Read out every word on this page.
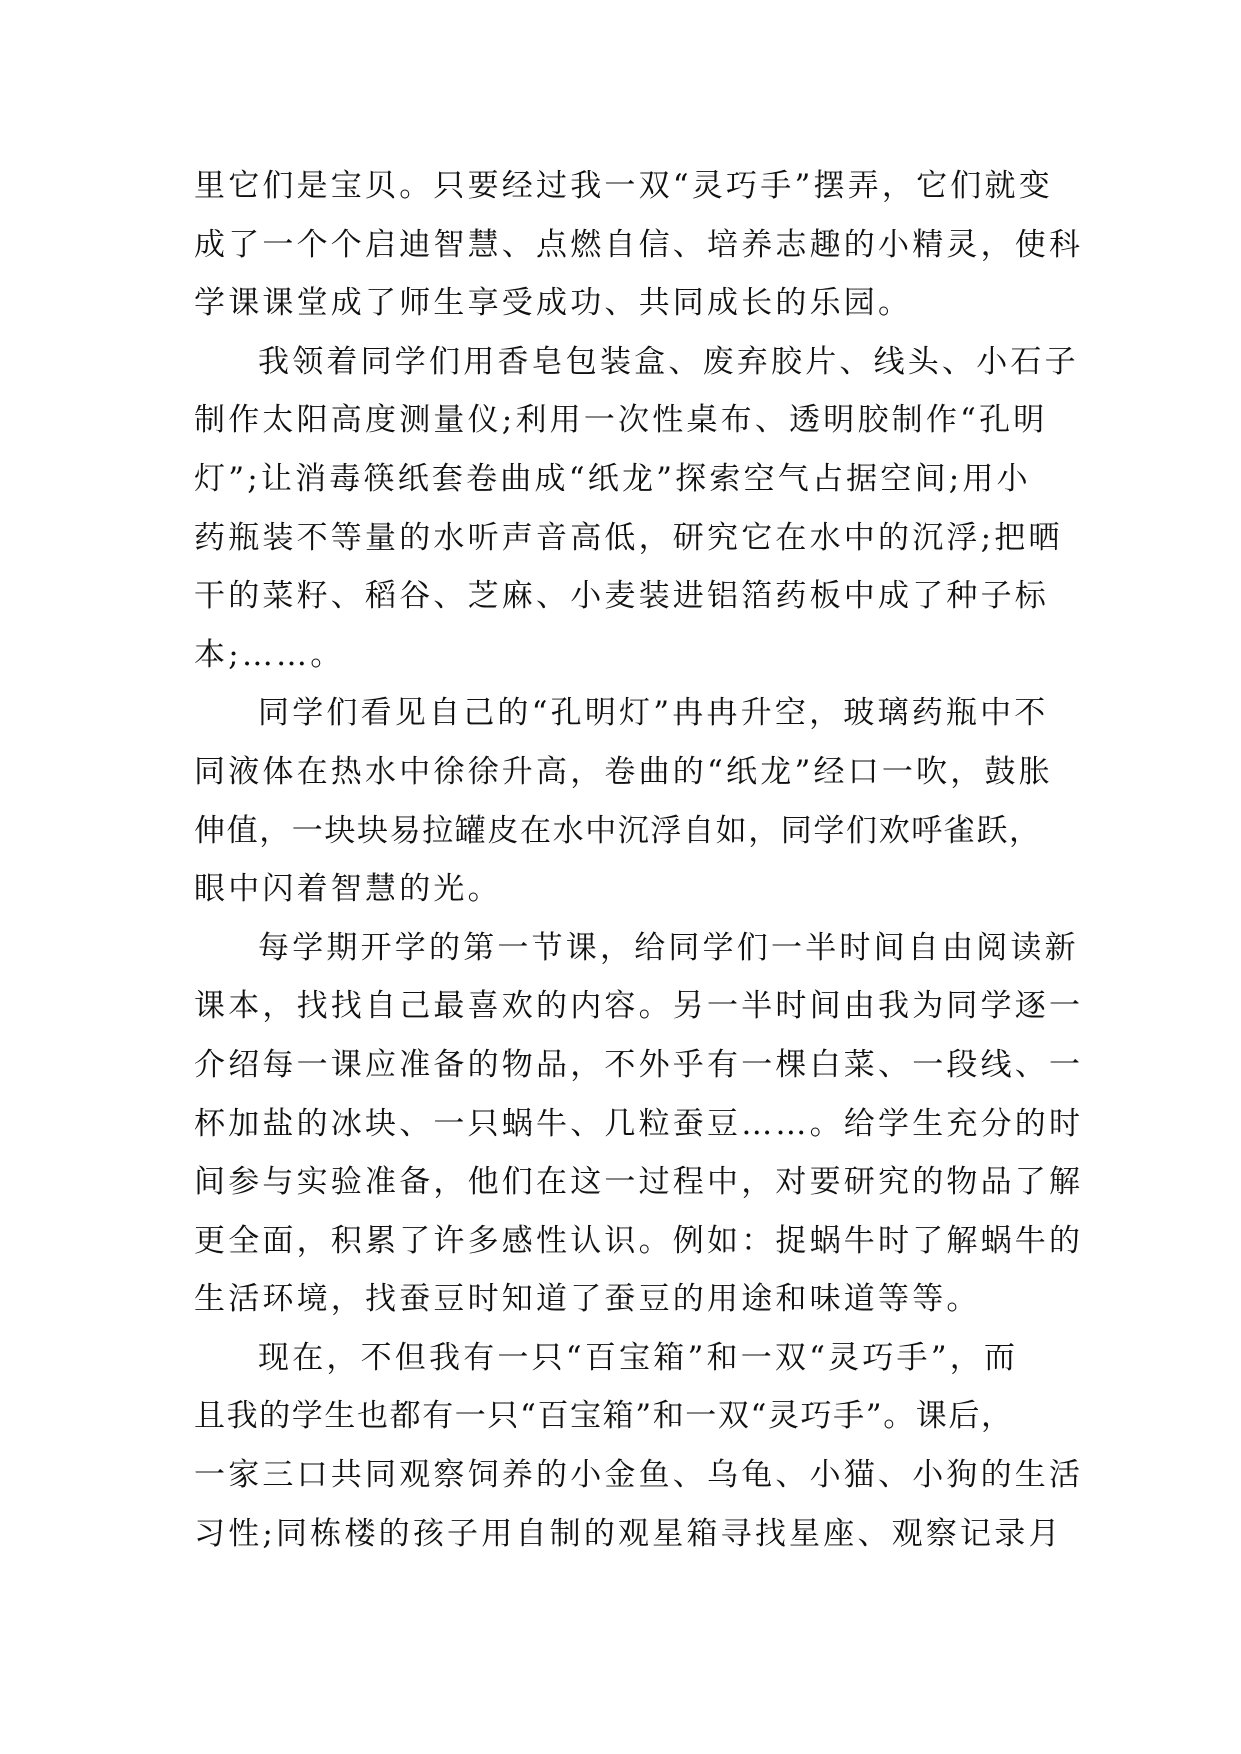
里它们是宝贝。只要经过我一双“灵巧手”摆弄，它们就变
成了一个个启迪智慧、点燃自信、培养志趣的小精灵，使科
学课课堂成了师生享受成功、共同成长的乐园。
我领着同学们用香皂包装盒、废弃胶片、线头、小石子
制作太阳高度测量仪;利用一次性桌布、透明胶制作“孔明
灯”;让消毒筷纸套卷曲成“纸龙”探索空气占据空间;用小
药瓶装不等量的水听声音高低，研究它在水中的沉浮;把晒
干的菜籽、稻谷、芝麻、小麦装进铝箔药板中成了种子标
本;……。
同学们看见自己的“孔明灯”冉冉升空，玻璃药瓶中不
同液体在热水中徐徐升高，卷曲的“纸龙”经口一吹，鼓胀
伸值，一块块易拉罐皮在水中沉浮自如，同学们欢呼雀跃，
眼中闪着智慧的光。
每学期开学的第一节课，给同学们一半时间自由阅读新
课本，找找自己最喜欢的内容。另一半时间由我为同学逐一
介绍每一课应准备的物品，不外乎有一棵白菜、一段线、一
杯加盐的冰块、一只蜗牛、几粒蚕豆……。给学生充分的时
间参与实验准备，他们在这一过程中，对要研究的物品了解
更全面，积累了许多感性认识。例如：捉蜗牛时了解蜗牛的
生活环境，找蚕豆时知道了蚕豆的用途和味道等等。
现在，不但我有一只“百宝箱”和一双“灵巧手”，而
且我的学生也都有一只“百宝箱”和一双“灵巧手”。课后，
一家三口共同观察饲养的小金鱼、乌龟、小猫、小狗的生活
习性;同栋楼的孩子用自制的观星箱寻找星座、观察记录月
